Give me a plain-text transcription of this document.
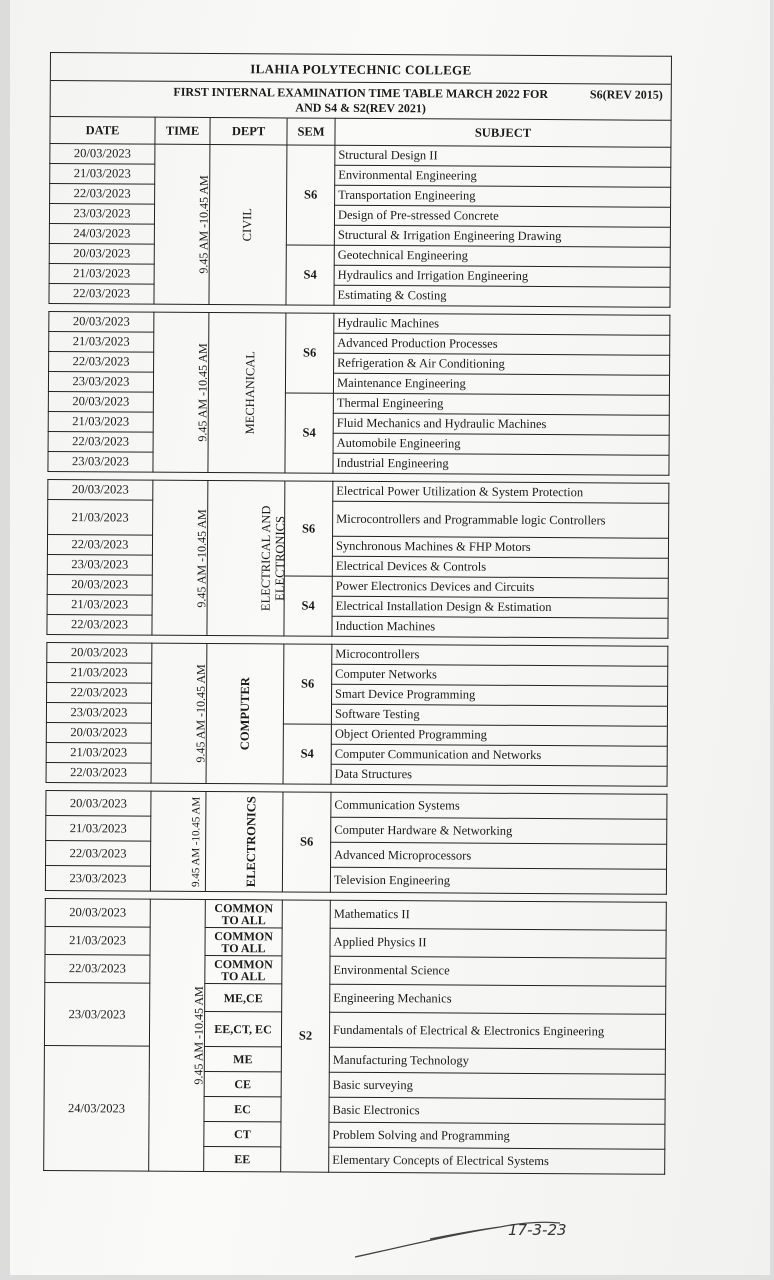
ILAHIA POLYTECHNIC COLLEGE
FIRST INTERNAL EXAMINATION TIME TABLE MARCH 2022 FOR	S6(REV 2015)
AND S4 & S2(REV 2021)
DATE	TIME	DEPT	SEM	SUBJECT
20/03/2023	9.45 AM -10.45 AM	CIVIL	S6	Structural Design II
21/03/2023				Environmental Engineering
22/03/2023				Transportation Engineering
23/03/2023				Design of Pre-stressed Concrete
24/03/2023				Structural & Irrigation Engineering Drawing
20/03/2023			S4	Geotechnical Engineering
21/03/2023				Hydraulics and Irrigation Engineering
22/03/2023				Estimating & Costing
20/03/2023	9.45 AM -10.45 AM	MECHANICAL	S6	Hydraulic Machines
21/03/2023				Advanced Production Processes
22/03/2023				Refrigeration & Air Conditioning
23/03/2023				Maintenance Engineering
20/03/2023			S4	Thermal Engineering
21/03/2023				Fluid Mechanics and Hydraulic Machines
22/03/2023				Automobile Engineering
23/03/2023				Industrial Engineering
20/03/2023	9.45 AM -10.45 AM	ELECTRICAL AND ELECTRONICS	S6	Electrical Power Utilization & System Protection
21/03/2023				Microcontrollers and Programmable logic Controllers
22/03/2023				Synchronous Machines & FHP Motors
23/03/2023				Electrical Devices & Controls
20/03/2023			S4	Power Electronics Devices and Circuits
21/03/2023				Electrical Installation Design & Estimation
22/03/2023				Induction Machines
20/03/2023	9.45 AM -10.45 AM	COMPUTER	S6	Microcontrollers
21/03/2023				Computer Networks
22/03/2023				Smart Device Programming
23/03/2023				Software Testing
20/03/2023			S4	Object Oriented Programming
21/03/2023				Computer Communication and Networks
22/03/2023				Data Structures
20/03/2023	9.45 AM -10.45 AM	ELECTRONICS	S6	Communication Systems
21/03/2023				Computer Hardware & Networking
22/03/2023				Advanced Microprocessors
23/03/2023				Television Engineering
20/03/2023	9.45 AM -10.45 AM	COMMON TO ALL	S2	Mathematics II
21/03/2023		COMMON TO ALL		Applied Physics II
22/03/2023		COMMON TO ALL		Environmental Science
23/03/2023		ME,CE		Engineering Mechanics
		EE,CT, EC		Fundamentals of Electrical & Electronics Engineering
24/03/2023		ME		Manufacturing Technology
		CE		Basic surveying
		EC		Basic Electronics
		CT		Problem Solving and Programming
		EE		Elementary Concepts of Electrical Systems
17-3-23
